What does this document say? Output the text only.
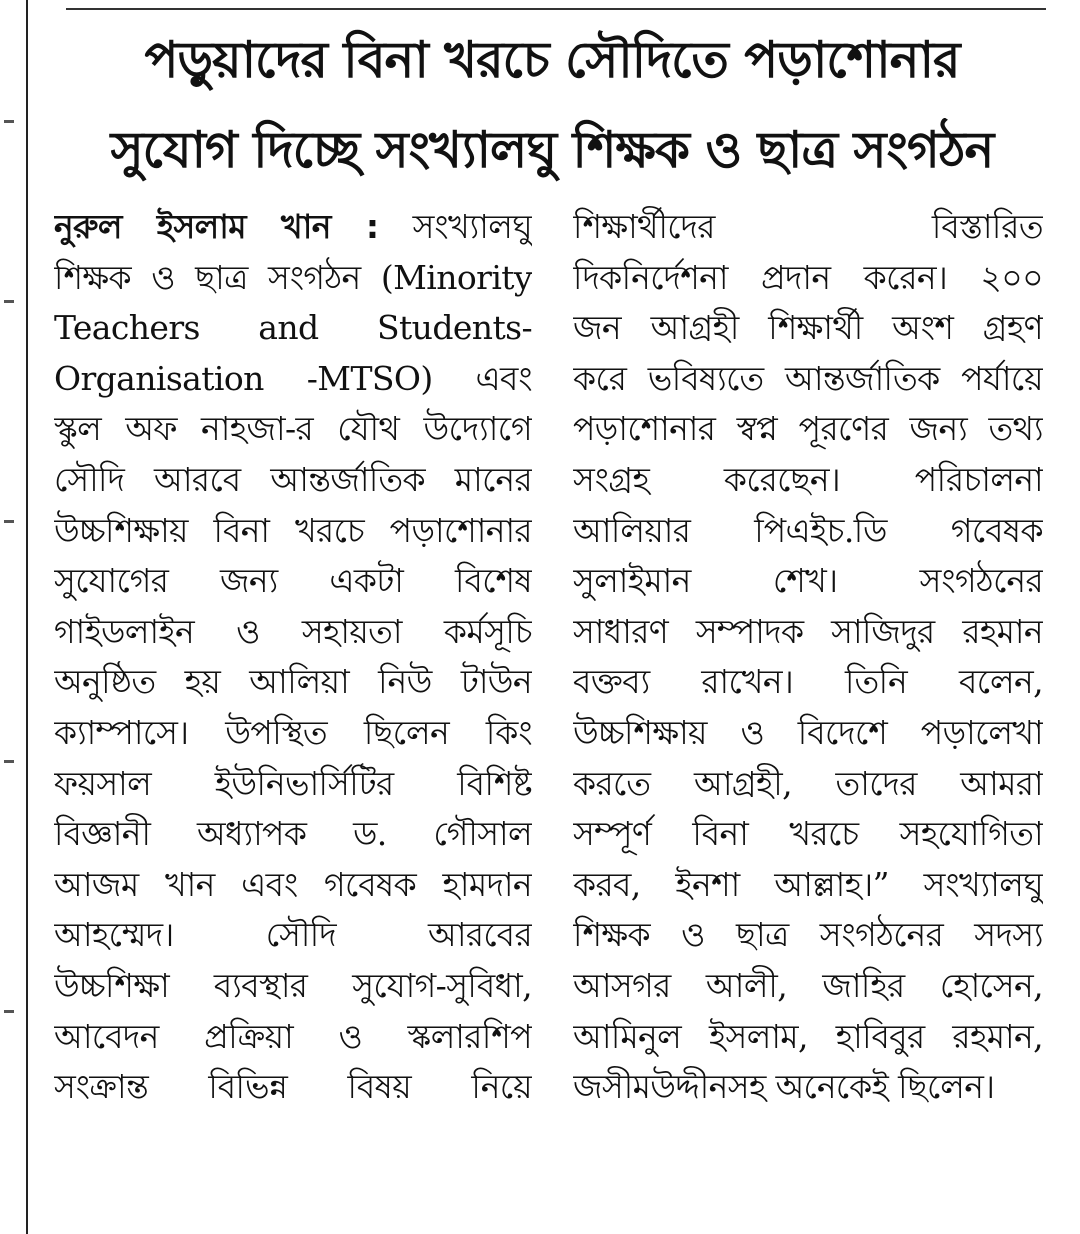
পড়ুয়াদের বিনা খরচে সৌদিতে পড়াশোনার
সুযোগ দিচ্ছে সংখ্যালঘু শিক্ষক ও ছাত্র সংগঠন
নুরুল ইসলাম খান : সংখ্যালঘু
শিক্ষক ও ছাত্র সংগঠন (Minority
Teachers and Students-
Organisation -MTSO) এবং
স্কুল অফ নাহজা-র যৌথ উদ্যোগে
সৌদি আরবে আন্তর্জাতিক মানের
উচ্চশিক্ষায় বিনা খরচে পড়াশোনার
সুযোগের জন্য একটা বিশেষ
গাইডলাইন ও সহায়তা কর্মসূচি
অনুষ্ঠিত হয় আলিয়া নিউ টাউন
ক্যাম্পাসে। উপস্থিত ছিলেন কিং
ফয়সাল ইউনিভার্সিটির বিশিষ্ট
বিজ্ঞানী অধ্যাপক ড. গৌসাল
আজম খান এবং গবেষক হামদান
আহম্মেদ। সৌদি আরবের
উচ্চশিক্ষা ব্যবস্থার সুযোগ-সুবিধা,
আবেদন প্রক্রিয়া ও স্কলারশিপ
সংক্রান্ত বিভিন্ন বিষয় নিয়ে
শিক্ষার্থীদের বিস্তারিত
দিকনির্দেশনা প্রদান করেন। ২০০
জন আগ্রহী শিক্ষার্থী অংশ গ্রহণ
করে ভবিষ্যতে আন্তর্জাতিক পর্যায়ে
পড়াশোনার স্বপ্ন পূরণের জন্য তথ্য
সংগ্রহ করেছেন। পরিচালনা
আলিয়ার পিএইচ.ডি গবেষক
সুলাইমান শেখ। সংগঠনের
সাধারণ সম্পাদক সাজিদুর রহমান
বক্তব্য রাখেন। তিনি বলেন,
উচ্চশিক্ষায় ও বিদেশে পড়ালেখা
করতে আগ্রহী, তাদের আমরা
সম্পূর্ণ বিনা খরচে সহযোগিতা
করব, ইনশা আল্লাহ।” সংখ্যালঘু
শিক্ষক ও ছাত্র সংগঠনের সদস্য
আসগর আলী, জাহির হোসেন,
আমিনুল ইসলাম, হাবিবুর রহমান,
জসীমউদ্দীনসহ অনেকেই ছিলেন।
